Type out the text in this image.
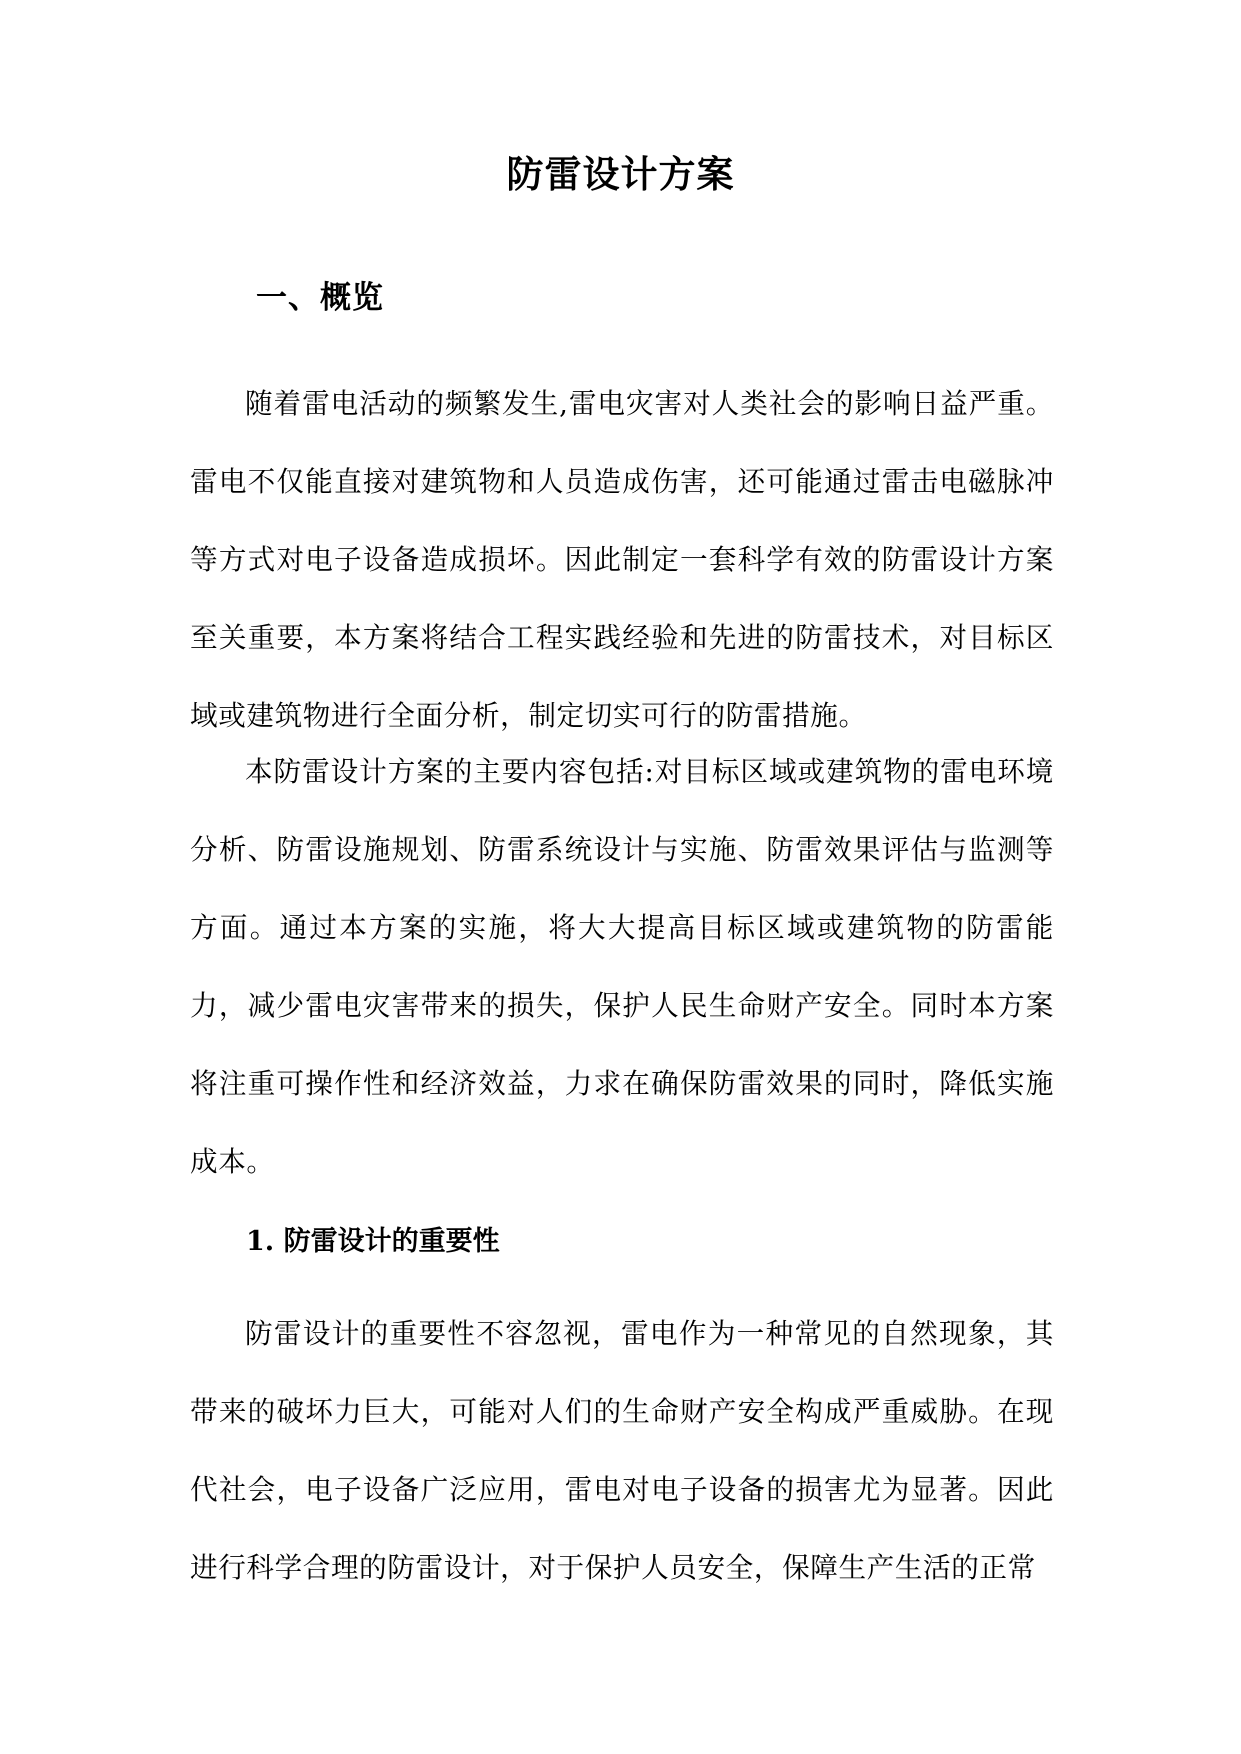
防雷设计方案
一、概览

随着雷电活动的频繁发生,雷电灾害对人类社会的影响日益严重。雷电不仅能直接对建筑物和人员造成伤害，还可能通过雷击电磁脉冲等方式对电子设备造成损坏。因此制定一套科学有效的防雷设计方案至关重要，本方案将结合工程实践经验和先进的防雷技术，对目标区域或建筑物进行全面分析，制定切实可行的防雷措施。

本防雷设计方案的主要内容包括:对目标区域或建筑物的雷电环境分析、防雷设施规划、防雷系统设计与实施、防雷效果评估与监测等方面。通过本方案的实施，将大大提高目标区域或建筑物的防雷能力，减少雷电灾害带来的损失，保护人民生命财产安全。同时本方案将注重可操作性和经济效益，力求在确保防雷效果的同时，降低实施成本。

1. 防雷设计的重要性

防雷设计的重要性不容忽视，雷电作为一种常见的自然现象，其带来的破坏力巨大，可能对人们的生命财产安全构成严重威胁。在现代社会，电子设备广泛应用，雷电对电子设备的损害尤为显著。因此进行科学合理的防雷设计，对于保护人员安全，保障生产生活的正常
